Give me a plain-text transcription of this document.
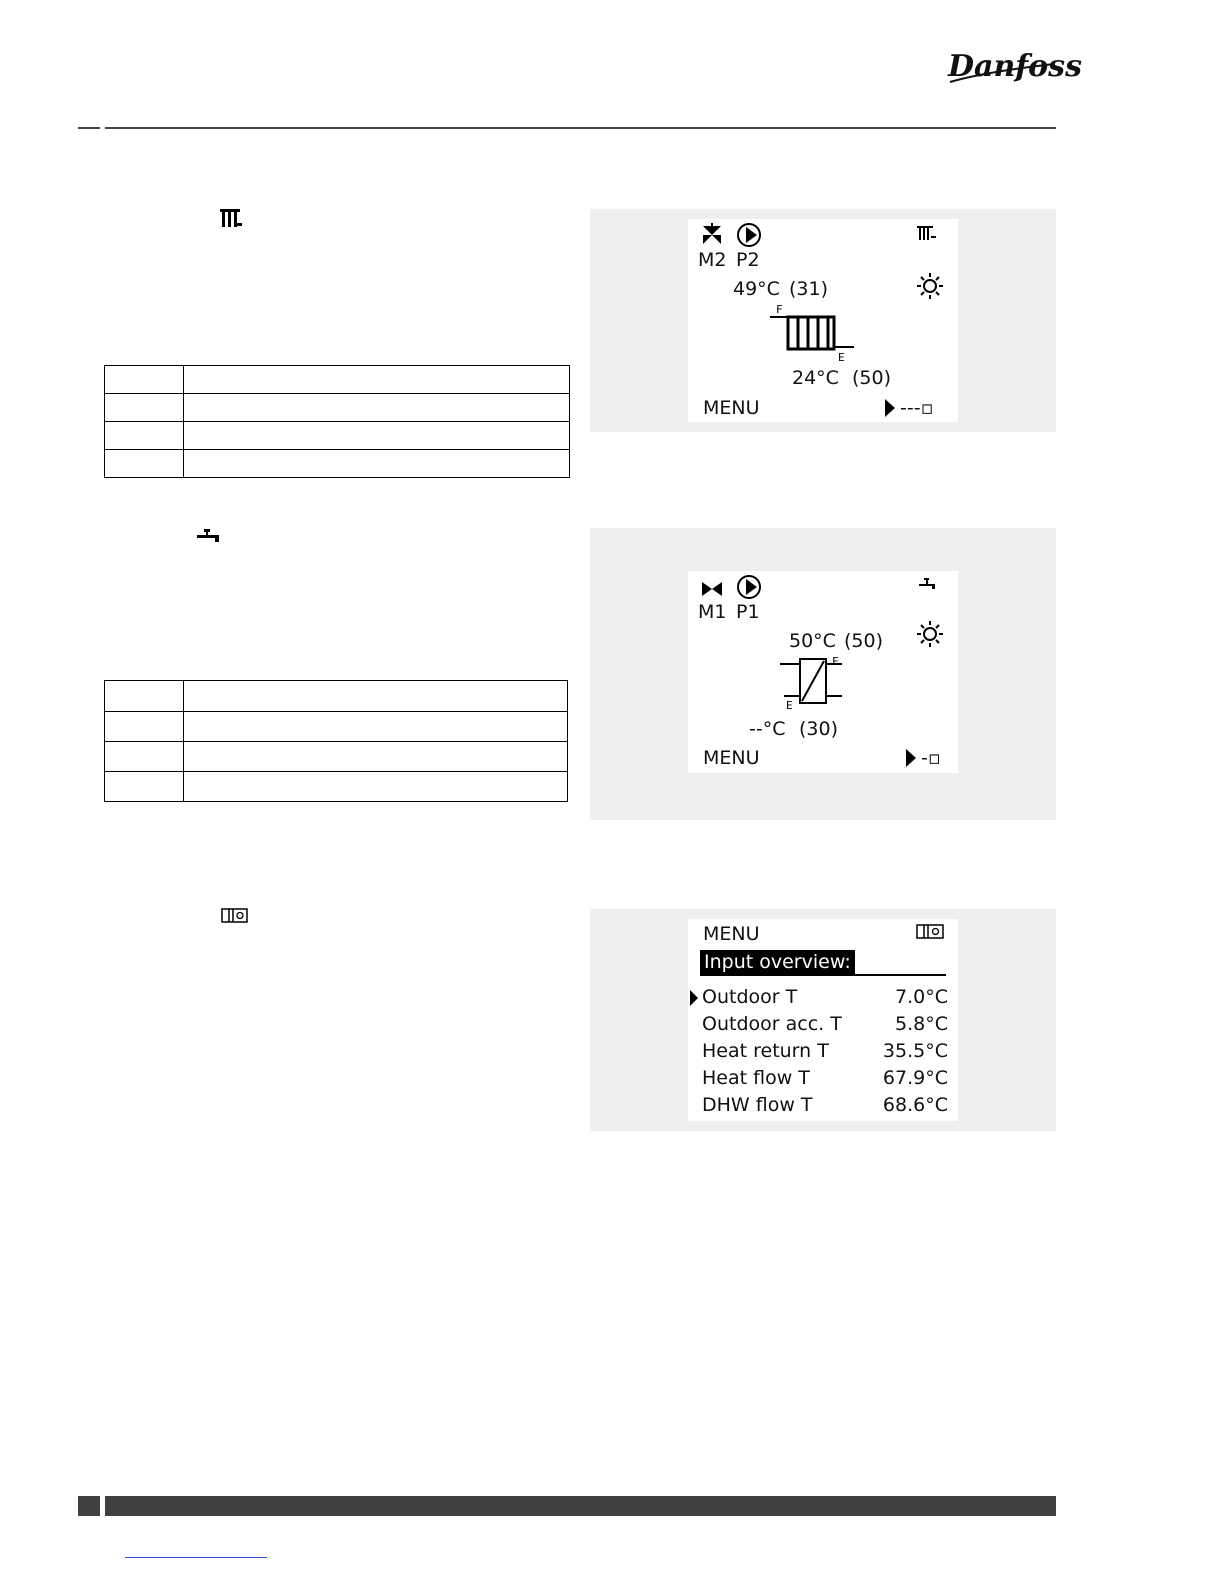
Danfoss

M2 P2
49°C (31)
F
E
24°C (50)
MENU	---▫
M1 P1
50°C (50)
F
E
--°C (30)
MENU	-▫
MENU
Input overview:
Outdoor T	7.0°C
Outdoor acc. T	5.8°C
Heat return T	35.5°C
Heat flow T	67.9°C
DHW flow T	68.6°C
